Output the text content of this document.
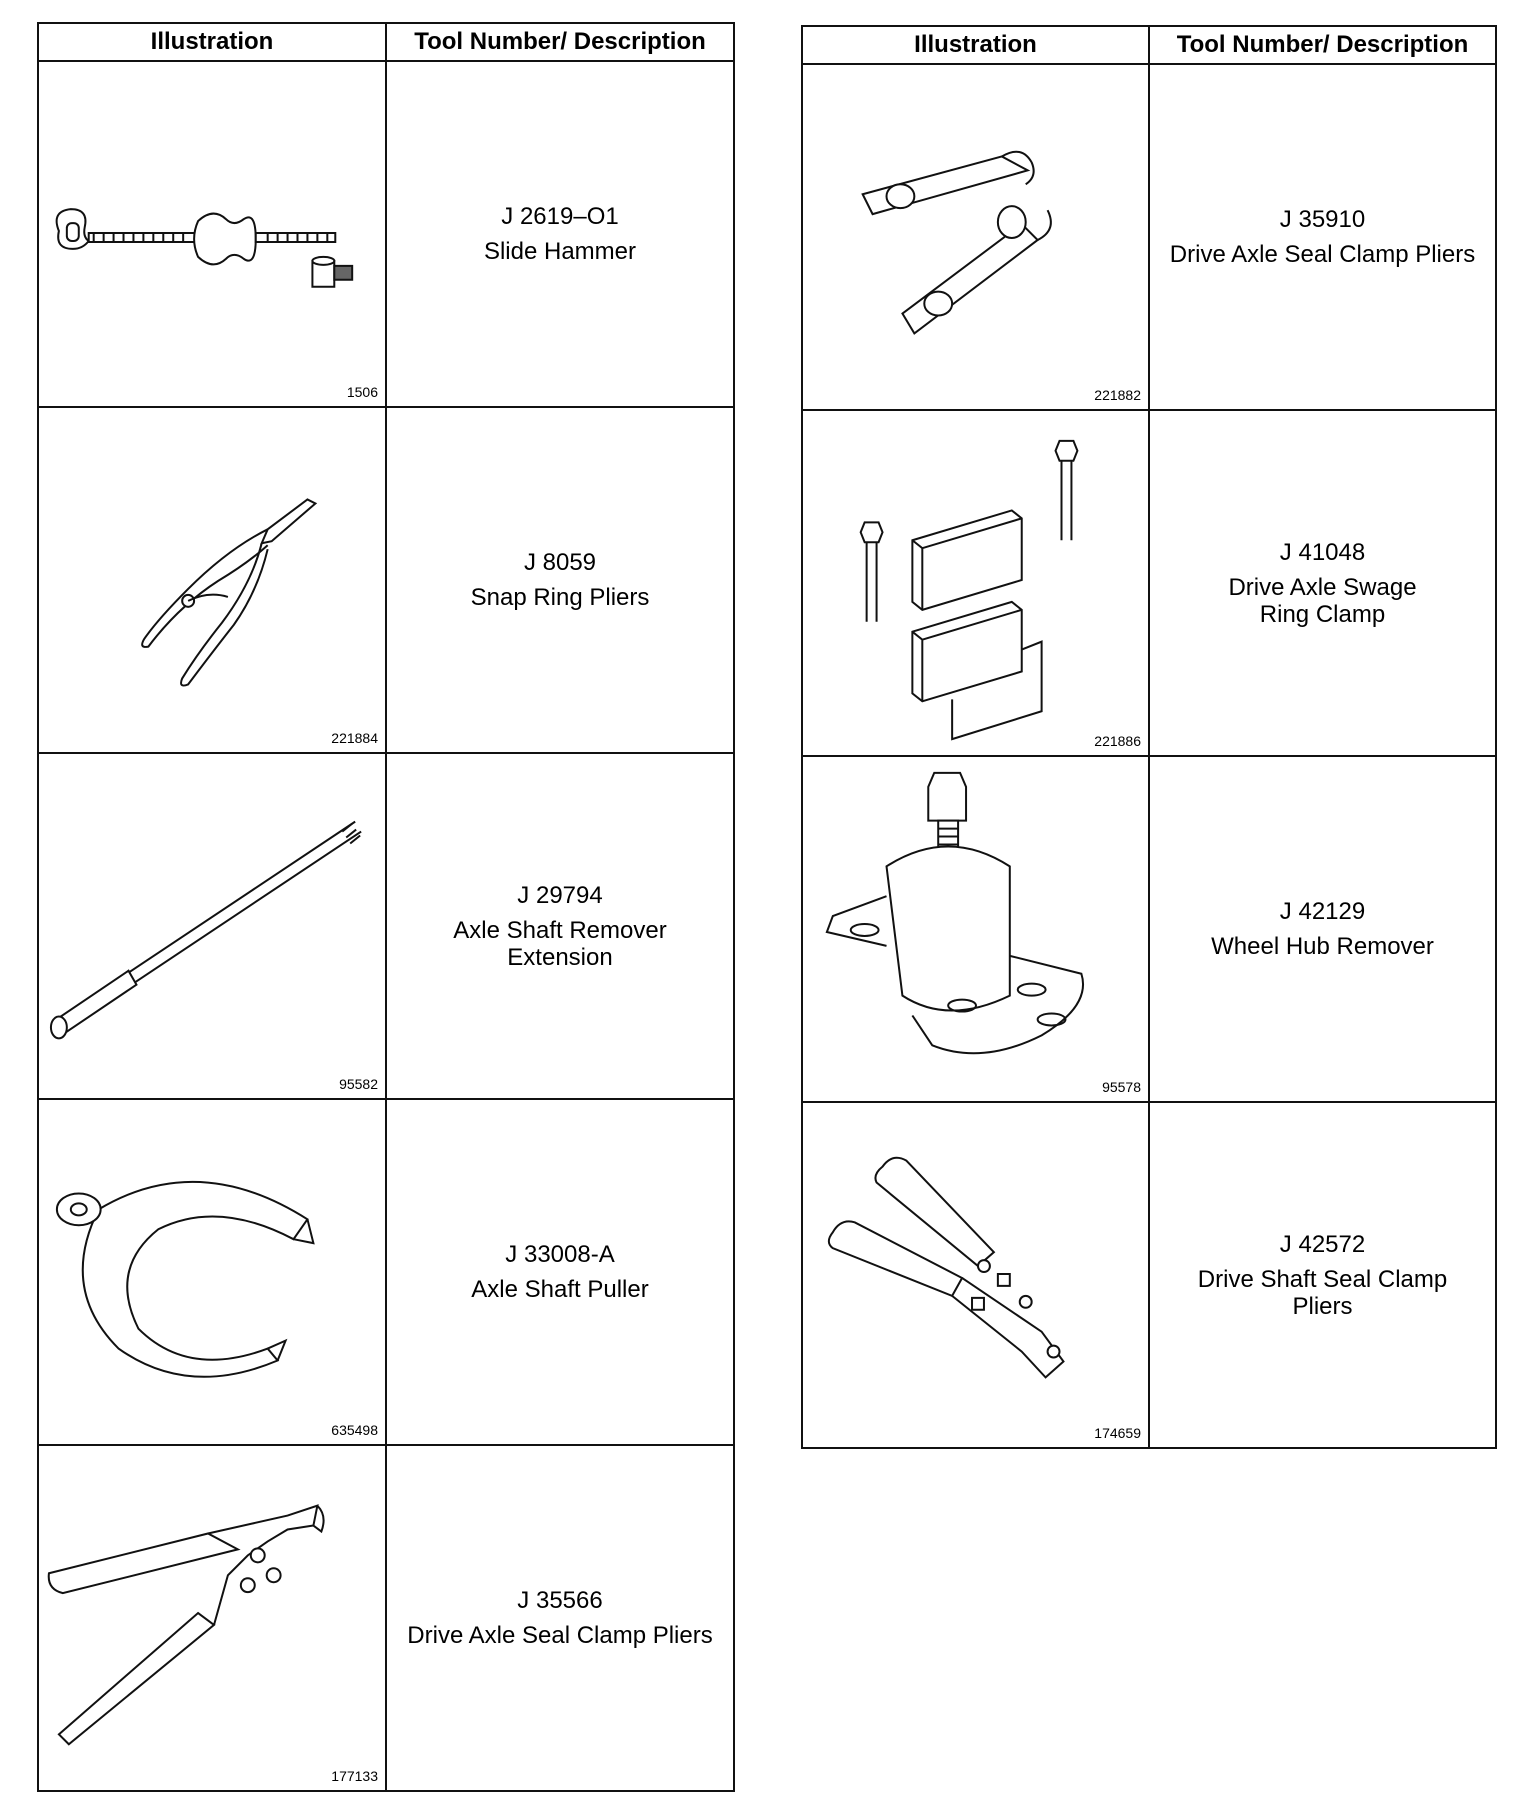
Illustration	Tool Number/ Description

1506	J 2619–O1
Slide Hammer

221884	J 8059
Snap Ring Pliers

95582	J 29794
Axle Shaft Remover Extension

635498	J 33008-A
Axle Shaft Puller

177133	J 35566
Drive Axle Seal Clamp Pliers
Illustration	Tool Number/ Description

221882	J 35910
Drive Axle Seal Clamp Pliers

221886	J 41048
Drive Axle Swage Ring Clamp

95578	J 42129
Wheel Hub Remover

174659	J 42572
Drive Shaft Seal Clamp Pliers
